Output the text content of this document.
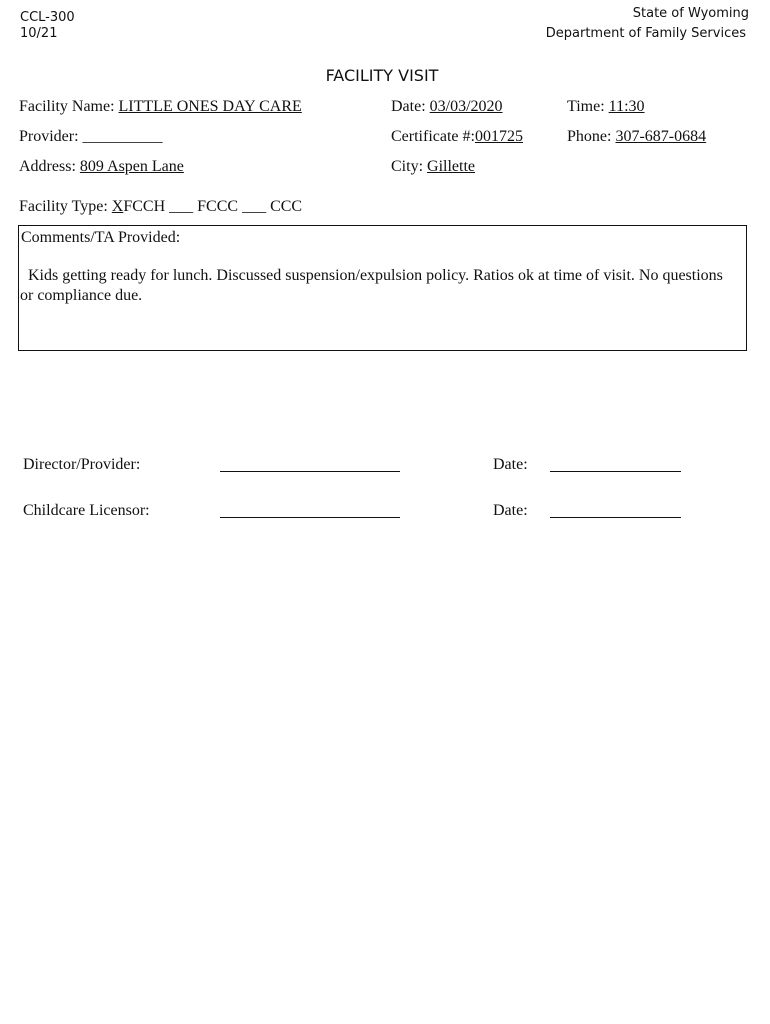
CCL-300
10/21
State of Wyoming
Department of Family Services
FACILITY VISIT
Facility Name: LITTLE ONES DAY CARE	Date: 03/03/2020	Time: 11:30
Provider: __________	Certificate #:001725	Phone: 307-687-0684
Address: 809 Aspen Lane	City: Gillette
Facility Type: XFCCH ___ FCCC ___ CCC
Comments/TA Provided:
Kids getting ready for lunch. Discussed suspension/expulsion policy. Ratios ok at time of visit. No questions
or compliance due.
Director/Provider:	Date:
Childcare Licensor:	Date:
